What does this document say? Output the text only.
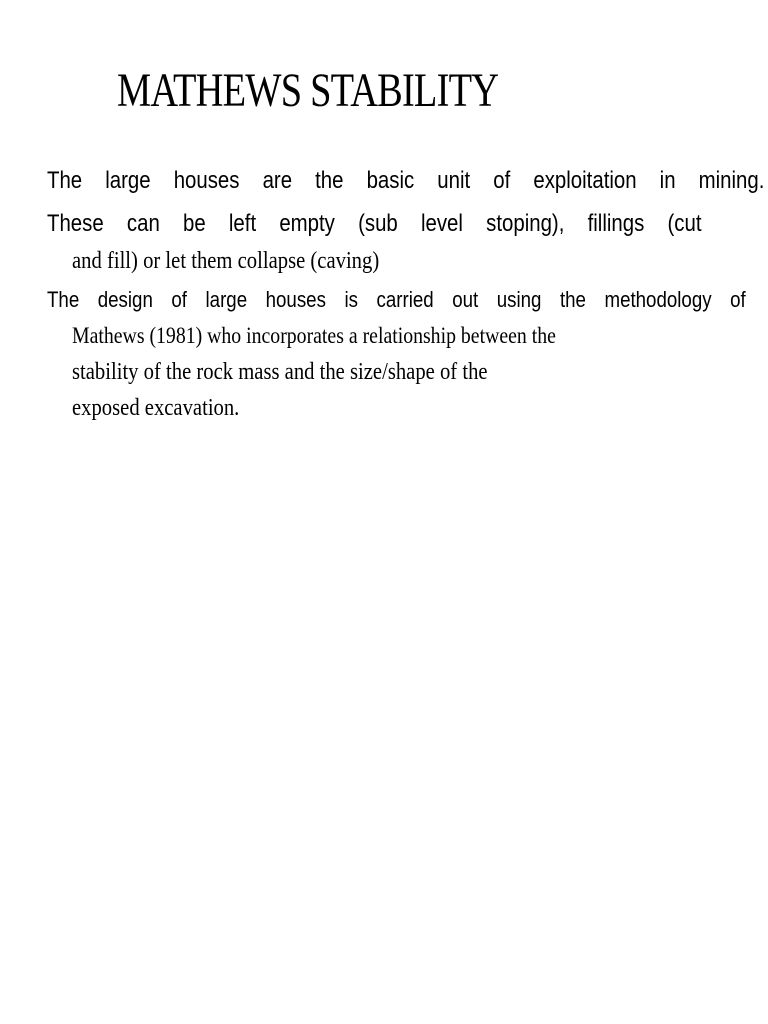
MATHEWS STABILITY

The large houses are the basic unit of exploitation in mining.

These can be left empty (sub level stoping), fillings (cut

and fill) or let them collapse (caving)

The design of large houses is carried out using the methodology of

Mathews (1981) who incorporates a relationship between the

stability of the rock mass and the size/shape of the

exposed excavation.
